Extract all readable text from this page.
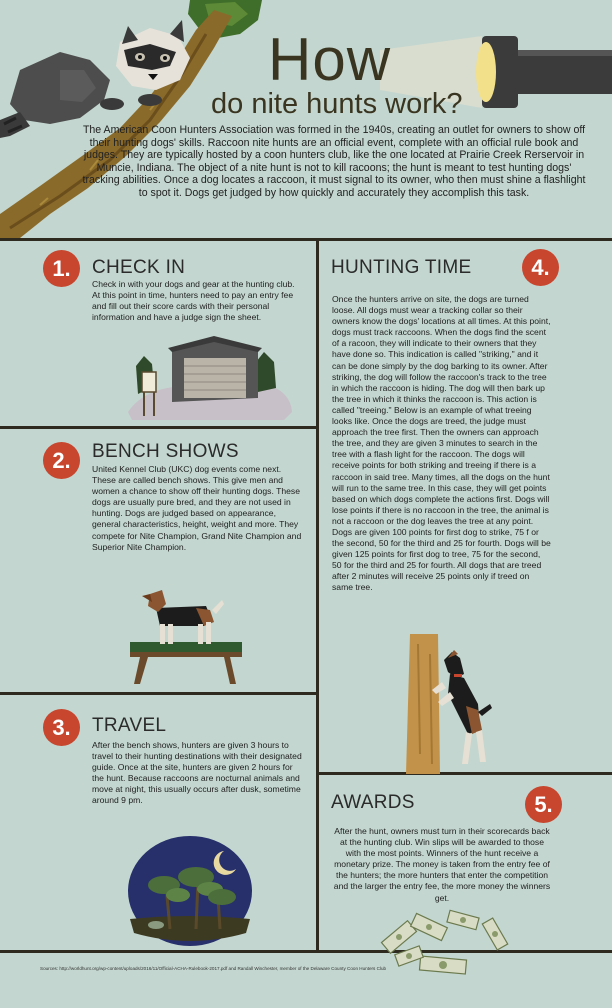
How
do nite hunts work?
The American Coon Hunters Association was formed in the 1940s, creating an outlet for owners to show off their hunting dogs' skills. Raccoon nite hunts are an official event, complete with an official rule book and judges. They are typically hosted by a coon hunters club, like the one located at Prairie Creek Rerservoir in Muncie, Indiana. The object of a nite hunt is not to kill racoons; the hunt is meant to test hunting dogs' tracking abilities. Once a dog locates a raccoon, it must signal to its owner, who then must shine a flashlight to spot it. Dogs get judged by how quickly and accurately they accomplish this task.
1.	CHECK IN
Check in with your dogs and gear at the hunting club. At this point in time, hunters need to pay an entry fee and fill out their score cards with their personal information and have a judge sign the sheet.
2.	BENCH SHOWS
United Kennel Club (UKC) dog events come next. These are called bench shows. This give men and women a chance to show off their hunting dogs. These dogs are usually pure bred, and they are not used in hunting. Dogs are judged based on appearance, general characteristics, height, weight and more. They compete for Nite Champion, Grand Nite Champion and Superior Nite Champion.
3.	TRAVEL
After the bench shows, hunters are given 3 hours to travel to their hunting destinations with their designated guide. Once at the site, hunters are given 2 hours for the hunt. Because raccoons are nocturnal animals and move at night, this usually occurs after dusk, sometime around 9 pm.
HUNTING TIME	4.
Once the hunters arrive on site, the dogs are turned loose. All dogs must wear a tracking collar so their owners know the dogs' locations at all times. At this point, dogs must track raccoons. When the dogs find the scent of a racoon, they will indicate to their owners that they have done so. This indication is called "striking," and it can be done simply by the dog barking to its owner. After striking, the dog will follow the raccoon's track to the tree in which the raccoon is hiding. The dog will then bark up the tree in which it thinks the raccoon is. This action is called "treeing." Below is an example of what treeing looks like. Once the dogs are treed, the judge must approach the tree first. Then the owners can approach the tree, and they are given 3 minutes to search in the tree with a flash light for the raccoon. The dogs will receive points for both striking and treeing if there is a raccoon in said tree. Many times, all the dogs on the hunt will run to the same tree. In this case, they will get points based on which dogs complete the actions first. Dogs will lose points if there is no raccoon in the tree, the animal is not a raccoon or the dog leaves the tree at any point. Dogs are given 100 points for first dog to strike, 75 f or the second, 50 for the third and 25 for fourth. Dogs will be given 125 points for first dog to tree, 75 for the second, 50 for the third and 25 for fourth. All dogs that are treed after 2 minutes will receive 25 points only if treed on same tree.
AWARDS	5.
After the hunt, owners must turn in their scorecards back at the hunting club. Win slips will be awarded to those with the most points. Winners of the hunt receive a monetary prize. The money is taken from the entry fee of the hunters; the more hunters that enter the competition and the larger the entry fee, the more money the winners get.
Sources: http://worldhunt.org/wp-content/uploads/2016/11/Official-ACHA-Rulebook-2017.pdf and Randall Winchester, member of the Delaware County Coon Hunters Club
